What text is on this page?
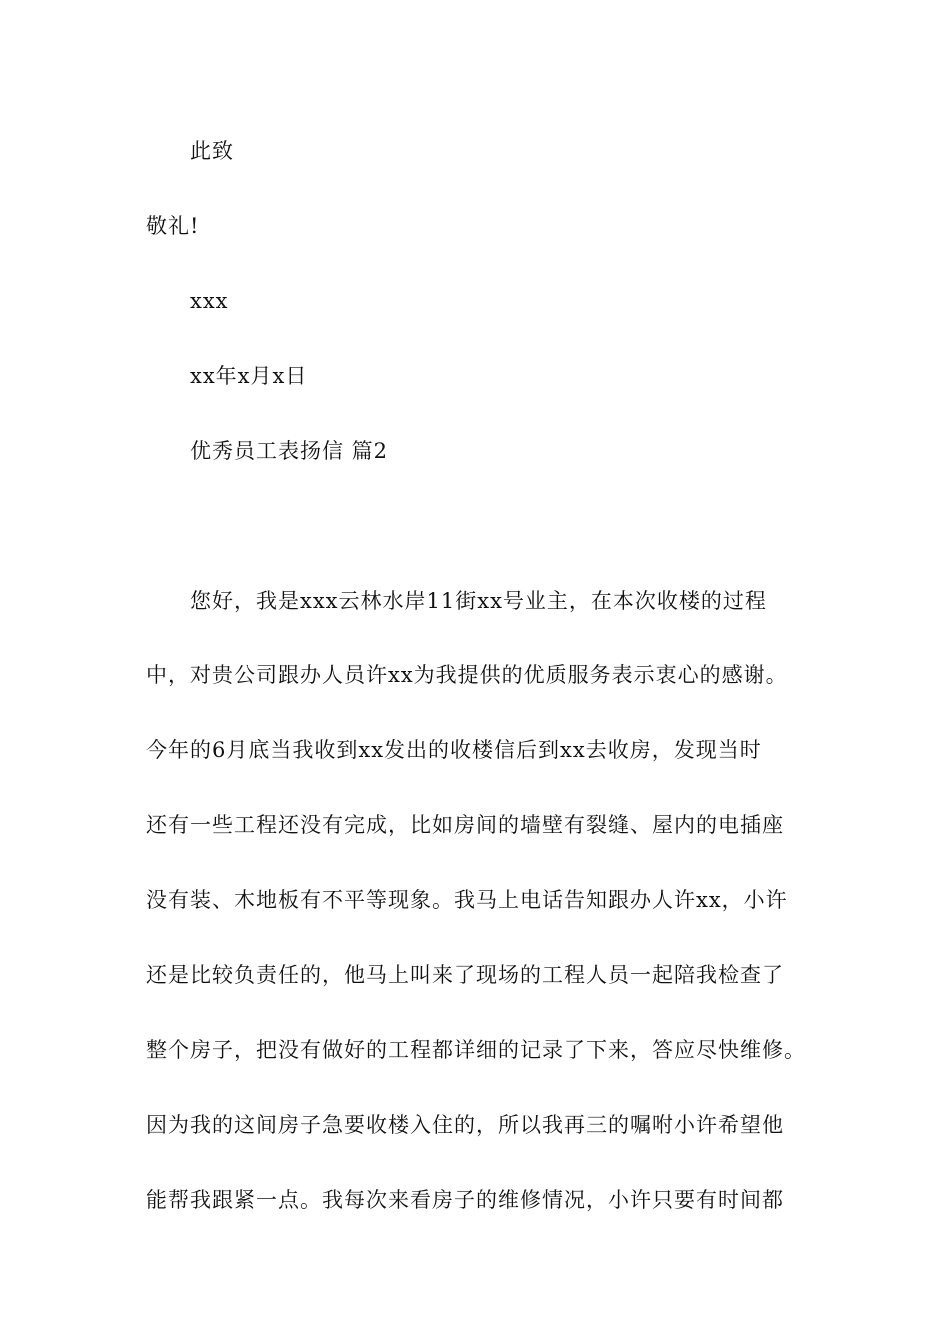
此致
敬礼!
xxx
xx年x月x日
优秀员工表扬信 篇2
您好，我是xxx云林水岸11街xx号业主，在本次收楼的过程
中，对贵公司跟办人员许xx为我提供的优质服务表示衷心的感谢。
今年的6月底当我收到xx发出的收楼信后到xx去收房，发现当时
还有一些工程还没有完成，比如房间的墙壁有裂缝、屋内的电插座
没有装、木地板有不平等现象。我马上电话告知跟办人许xx，小许
还是比较负责任的，他马上叫来了现场的工程人员一起陪我检查了
整个房子，把没有做好的工程都详细的记录了下来，答应尽快维修。
因为我的这间房子急要收楼入住的，所以我再三的嘱咐小许希望他
能帮我跟紧一点。我每次来看房子的维修情况，小许只要有时间都
